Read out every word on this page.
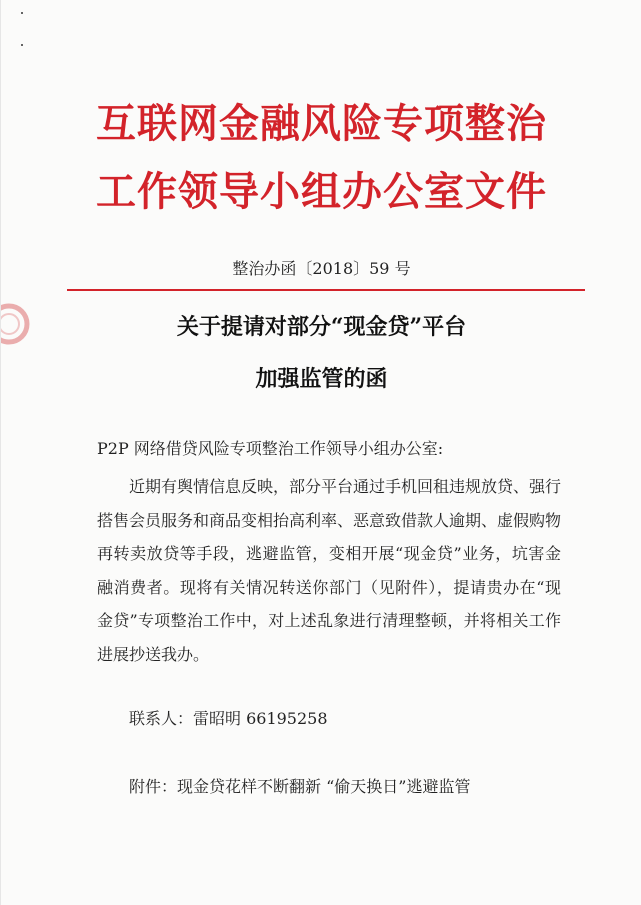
互联网金融风险专项整治
工作领导小组办公室文件
整治办函〔2018〕59 号
关于提请对部分“现金贷”平台
加强监管的函
P2P 网络借贷风险专项整治工作领导小组办公室:
近期有舆情信息反映，部分平台通过手机回租违规放贷、强行搭售会员服务和商品变相抬高利率、恶意致借款人逾期、虚假购物再转卖放贷等手段，逃避监管，变相开展“现金贷”业务，坑害金融消费者。现将有关情况转送你部门（见附件），提请贵办在“现金贷”专项整治工作中，对上述乱象进行清理整顿，并将相关工作进展抄送我办。
联系人：雷昭明 66195258
附件：现金贷花样不断翻新 “偷天换日”逃避监管
